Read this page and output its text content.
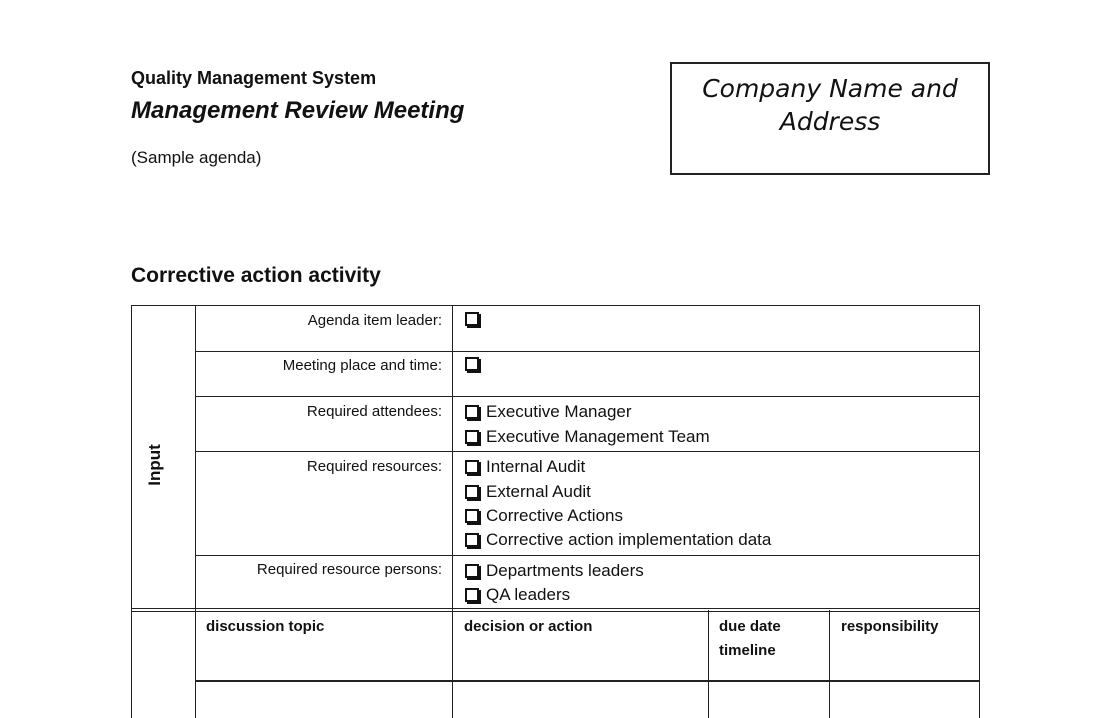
Quality Management System
Management Review Meeting
(Sample agenda)
Company Name and
Address
Corrective action activity
Input
Agenda item leader:
Meeting place and time:
Required attendees:
Required resources:
Required resource persons:
Executive Manager
Executive Management Team
Internal Audit
External Audit
Corrective Actions
Corrective action implementation data
Departments leaders
QA leaders
discussion topic	decision or action	due date
timeline
responsibility
